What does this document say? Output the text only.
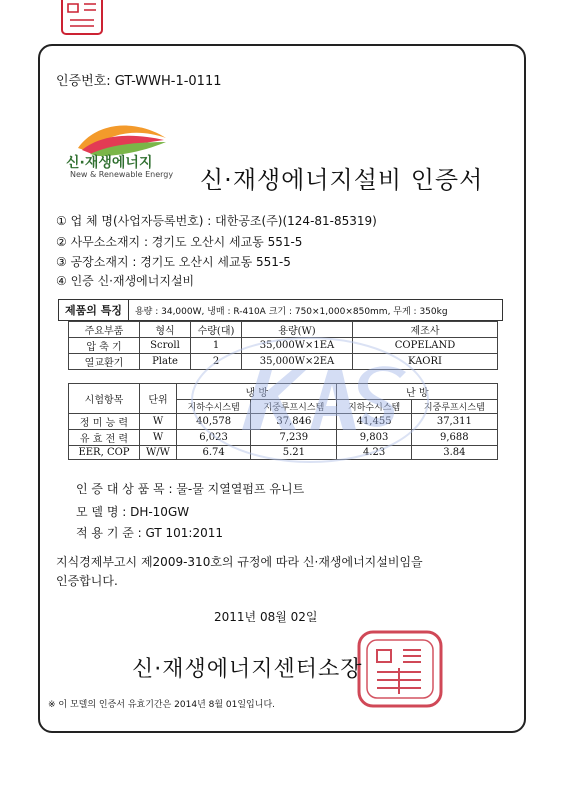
인증번호: GT-WWH-1-0111
신·재생에너지
New & Renewable Energy 신·재생에너지설비 인증서
① 업 체 명(사업자등록번호) : 대한공조(주)(124-81-85319)
② 사무소소재지 : 경기도 오산시 세교동 551-5
③ 공장소재지 : 경기도 오산시 세교동 551-5
④ 인증 신·재생에너지설비
제품의 특징	용량 : 34,000W, 냉매 : R-410A 크기 : 750×1,000×850mm, 무게 : 350kg
주요부품	형식	수량(대)	용량(W)	제조사
압 축 기	Scroll	1	35,000W×1EA	COPELAND
열교환기	Plate	2	35,000W×2EA	KAORI
시험항목	단위	냉 방		난 방	
		지하수시스템	지중루프시스템	지하수시스템	지중루프시스템
정 미 능 력	W	40,578	37,846	41,455	37,311
유 효 전 력	W	6,023	7,239	9,803	9,688
EER, COP	W/W	6.74	5.21	4.23	3.84
인 증 대 상 품 목 : 물-물 지열열펌프 유니트
모 델 명 : DH-10GW
적 용 기 준 : GT 101:2011
지식경제부고시 제2009-310호의 규정에 따라 신·재생에너지설비임을
인증합니다.
2011년 08월 02일
신·재생에너지센터소장
※ 이 모델의 인증서 유효기간은 2014년 8월 01일입니다.
